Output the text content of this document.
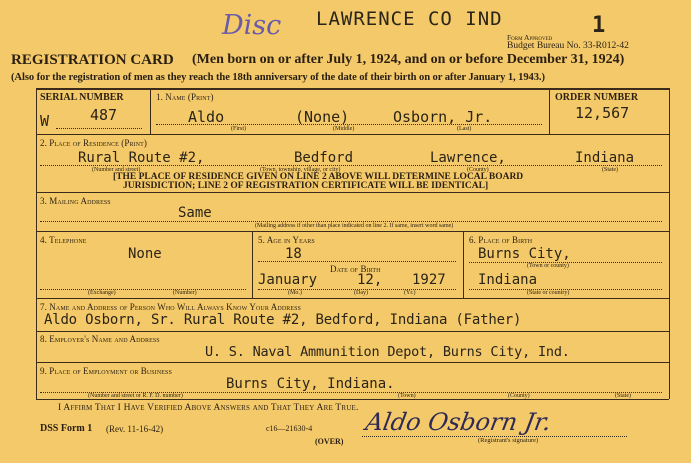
Disc LAWRENCE CO IND	1
Form Approved
Budget Bureau No. 33-R012-42
REGISTRATION CARD (Men born on or after July 1, 1924, and on or before December 31, 1924)
(Also for the registration of men as they reach the 18th anniversary of the date of their birth on or after January 1, 1943.)
SERIAL NUMBER
W	487
1. Name (Print)
Aldo	(None)	Osborn, Jr.
(First)	(Middle)	(Last)
ORDER NUMBER
12,567
2. Place of Residence (Print)
Rural Route #2,	Bedford	Lawrence,	Indiana
(Number and street)	(Town, township, village, or city)	(County)	(State)
[THE PLACE OF RESIDENCE GIVEN ON LINE 2 ABOVE WILL DETERMINE LOCAL BOARD
JURISDICTION; LINE 2 OF REGISTRATION CERTIFICATE WILL BE IDENTICAL]
3. Mailing Address
Same
(Mailing address if other than place indicated on line 2. If same, insert word same)
4. Telephone
None
(Exchange)	(Number)
5. Age in Years
18
Date of Birth
January	12, 1927
(Mo.)	(Day)	(Yr.)
6. Place of Birth
Burns City,
(Town or county)
Indiana
(State or country)
7. Name and Address of Person Who Will Always Know Your Address
Aldo Osborn, Sr. Rural Route #2, Bedford, Indiana (Father)
8. Employer's Name and Address
U. S. Naval Ammunition Depot, Burns City, Ind.
9. Place of Employment or Business
Burns City, Indiana.
(Number and street or R. F. D. number)	(Town)	(County)	(State)
I Affirm That I Have Verified Above Answers and That They Are True.
DSS Form 1 (Rev. 11-16-42)	c16—21630-4
(OVER)
Aldo Osborn Jr.
(Registrant's signature)
